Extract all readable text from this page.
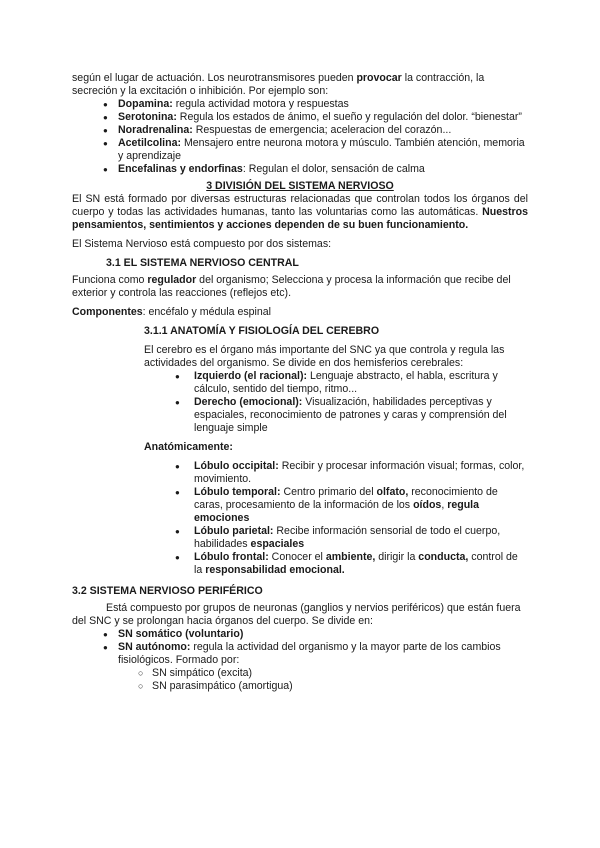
según el lugar de actuación. Los neurotransmisores pueden provocar la contracción, la secreción y la excitación o inhibición. Por ejemplo son:

● Dopamina: regula actividad motora y respuestas
● Serotonina: Regula los estados de ánimo, el sueño y regulación del dolor. “bienestar”
● Noradrenalina: Respuestas de emergencia; aceleracion del corazón...
● Acetilcolina: Mensajero entre neurona motora y músculo. También atención, memoria y aprendizaje
● Encefalinas y endorfinas: Regulan el dolor, sensación de calma

3 DIVISIÓN DEL SISTEMA NERVIOSO

El SN está formado por diversas estructuras relacionadas que controlan todos los órganos del cuerpo y todas las actividades humanas, tanto las voluntarias como las automáticas. Nuestros pensamientos, sentimientos y acciones dependen de su buen funcionamiento.

El Sistema Nervioso está compuesto por dos sistemas:

3.1 EL SISTEMA NERVIOSO CENTRAL

Funciona como regulador del organismo; Selecciona y procesa la información que recibe del exterior y controla las reacciones (reflejos etc).

Componentes: encéfalo y médula espinal

3.1.1 ANATOMÍA Y FISIOLOGÍA DEL CEREBRO

El cerebro es el órgano más importante del SNC ya que controla y regula las actividades del organismo. Se divide en dos hemisferios cerebrales:

● Izquierdo (el racional): Lenguaje abstracto, el habla, escritura y cálculo, sentido del tiempo, ritmo...
● Derecho (emocional): Visualización, habilidades perceptivas y espaciales, reconocimiento de patrones y caras y comprensión del lenguaje simple

Anatómicamente:

● Lóbulo occipital: Recibir y procesar información visual; formas, color, movimiento.
● Lóbulo temporal: Centro primario del olfato, reconocimiento de caras, procesamiento de la información de los oídos, regula emociones
● Lóbulo parietal: Recibe información sensorial de todo el cuerpo, habilidades espaciales
● Lóbulo frontal: Conocer el ambiente, dirigir la conducta, control de la responsabilidad emocional.

3.2 SISTEMA NERVIOSO PERIFÉRICO

Está compuesto por grupos de neuronas (ganglios y nervios periféricos) que están fuera del SNC y se prolongan hacia órganos del cuerpo. Se divide en:

● SN somático (voluntario)
● SN autónomo: regula la actividad del organismo y la mayor parte de los cambios fisiológicos. Formado por:
○ SN simpático (excita)
○ SN parasimpático (amortigua)
